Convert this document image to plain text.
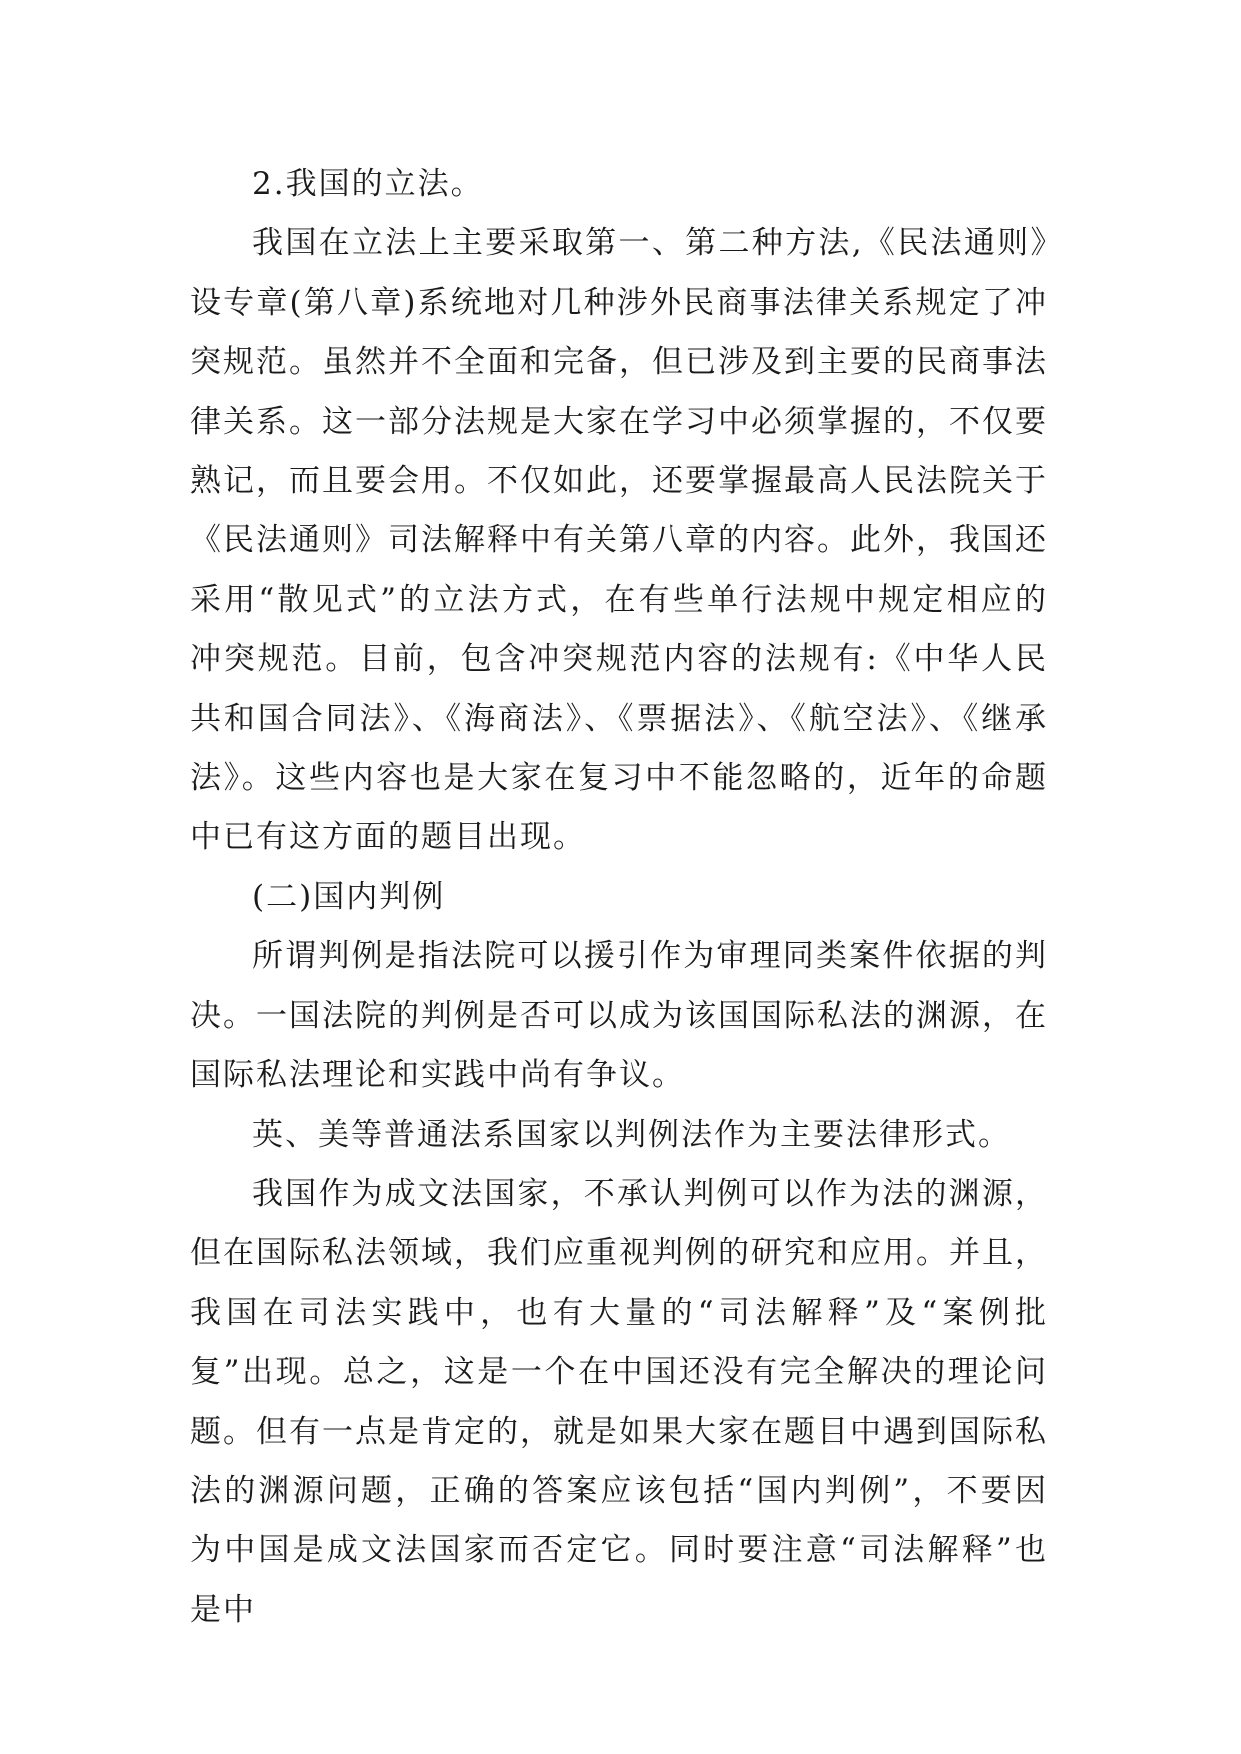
2.我国的立法。

我国在立法上主要采取第一、第二种方法,《民法通则》设专章(第八章)系统地对几种涉外民商事法律关系规定了冲突规范。虽然并不全面和完备，但已涉及到主要的民商事法律关系。这一部分法规是大家在学习中必须掌握的，不仅要熟记，而且要会用。不仅如此，还要掌握最高人民法院关于《民法通则》司法解释中有关第八章的内容。此外，我国还采用“散见式”的立法方式，在有些单行法规中规定相应的冲突规范。目前，包含冲突规范内容的法规有:《中华人民共和国合同法》、《海商法》、《票据法》、《航空法》、《继承法》。这些内容也是大家在复习中不能忽略的，近年的命题中已有这方面的题目出现。

(二)国内判例

所谓判例是指法院可以援引作为审理同类案件依据的判决。一国法院的判例是否可以成为该国国际私法的渊源，在国际私法理论和实践中尚有争议。

英、美等普通法系国家以判例法作为主要法律形式。

我国作为成文法国家，不承认判例可以作为法的渊源，但在国际私法领域，我们应重视判例的研究和应用。并且，我国在司法实践中，也有大量的“司法解释”及“案例批复”出现。总之，这是一个在中国还没有完全解决的理论问题。但有一点是肯定的，就是如果大家在题目中遇到国际私法的渊源问题，正确的答案应该包括“国内判例”，不要因为中国是成文法国家而否定它。同时要注意“司法解释”也是中
